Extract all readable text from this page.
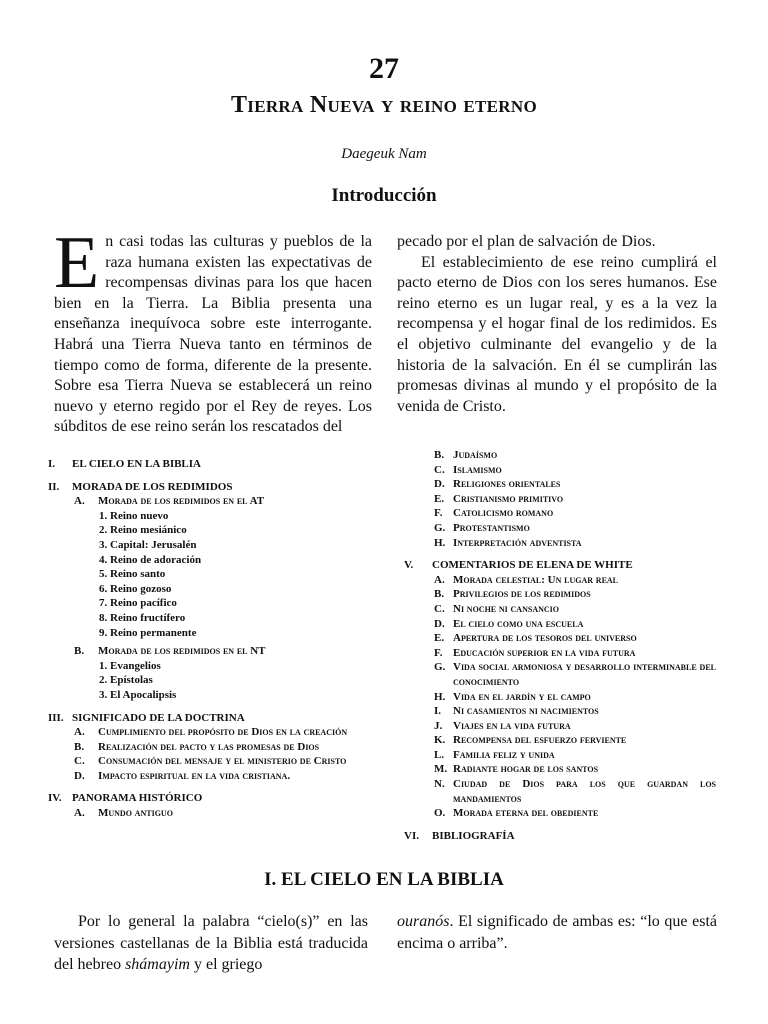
27
Tierra Nueva y reino eterno
Daegeuk Nam
Introducción

En casi todas las culturas y pueblos de la raza humana existen las expectativas de recompensas divinas para los que hacen bien en la Tierra. La Biblia presenta una enseñanza inequívoca sobre este interrogante. Habrá una Tierra Nueva tanto en términos de tiempo como de forma, diferente de la presente. Sobre esa Tierra Nueva se establecerá un reino nuevo y eterno regido por el Rey de reyes. Los súbditos de ese reino serán los rescatados del

pecado por el plan de salvación de Dios.

El establecimiento de ese reino cumplirá el pacto eterno de Dios con los seres humanos. Ese reino eterno es un lugar real, y es a la vez la recompensa y el hogar final de los redimidos. Es el objetivo culminante del evangelio y de la historia de la salvación. En él se cumplirán las promesas divinas al mundo y el propósito de la venida de Cristo.

I.	EL CIELO EN LA BIBLIA
II.	MORADA DE LOS REDIMIDOS
A.	Morada de los redimidos en el AT
1. Reino nuevo
2. Reino mesiánico
3. Capital: Jerusalén
4. Reino de adoración
5. Reino santo
6. Reino gozoso
7. Reino pacífico
8. Reino fructífero
9. Reino permanente
B.	Morada de los redimidos en el NT
1. Evangelios
2. Epístolas
3. El Apocalipsis
III. SIGNIFICADO DE LA DOCTRINA
A.	Cumplimiento del propósito de Dios en la creación
B.	Realización del pacto y las promesas de Dios
C.	Consumación del mensaje y el ministerio de Cristo
D.	Impacto espiritual en la vida cristiana.
IV. PANORAMA HISTÓRICO
A.	Mundo antiguo
B. Judaísmo
C. Islamismo
D. Religiones orientales
E. Cristianismo primitivo
F. Catolicismo romano
G. Protestantismo
H. Interpretación adventista
V.	COMENTARIOS DE ELENA DE WHITE
A. Morada celestial: Un lugar real
B. Privilegios de los redimidos
C. Ni noche ni cansancio
D. El cielo como una escuela
E. Apertura de los tesoros del universo
F. Educación superior en la vida futura
G. Vida social armoniosa y desarrollo interminable del conocimiento
H. Vida en el jardín y el campo
I.	Ni casamientos ni nacimientos
J. Viajes en la vida futura
K. Recompensa del esfuerzo ferviente
L. Familia feliz y unida
M. Radiante hogar de los santos
N. Ciudad de Dios para los que guardan los mandamientos
O. Morada eterna del obediente
VI.	BIBLIOGRAFÍA
I. EL CIELO EN LA BIBLIA

Por lo general la palabra “cielo(s)” en las versiones castellanas de la Biblia está traducida del hebreo shámayim y el griego

ouranós. El significado de ambas es: “lo que está encima o arriba”.
